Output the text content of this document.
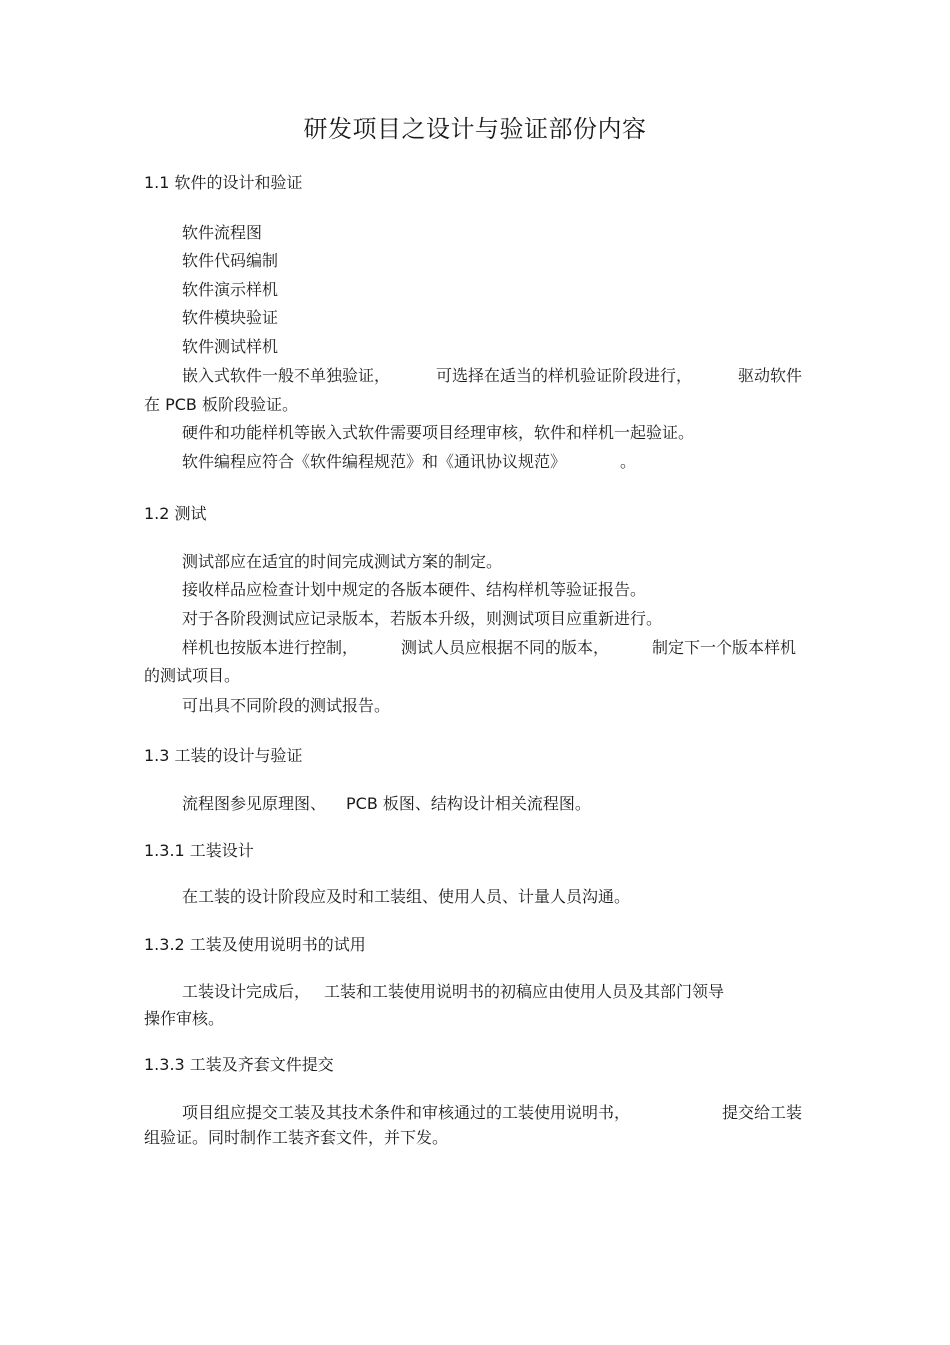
研发项目之设计与验证部份内容
1.1 软件的设计和验证
软件流程图
软件代码编制
软件演示样机
软件模块验证
软件测试样机
嵌入式软件一般不单独验证，	可选择在适当的样机验证阶段进行，	驱动软件
在 PCB 板阶段验证。
硬件和功能样机等嵌入式软件需要项目经理审核，软件和样机一起验证。
软件编程应符合《软件编程规范》和《通讯协议规范》	。
1.2 测试
测试部应在适宜的时间完成测试方案的制定。
接收样品应检查计划中规定的各版本硬件、结构样机等验证报告。
对于各阶段测试应记录版本，若版本升级，则测试项目应重新进行。
样机也按版本进行控制，	测试人员应根据不同的版本，	制定下一个版本样机
的测试项目。
可出具不同阶段的测试报告。
1.3 工装的设计与验证
流程图参见原理图、 PCB 板图、结构设计相关流程图。
1.3.1 工装设计
在工装的设计阶段应及时和工装组、使用人员、计量人员沟通。
1.3.2 工装及使用说明书的试用
工装设计完成后， 工装和工装使用说明书的初稿应由使用人员及其部门领导
操作审核。
1.3.3 工装及齐套文件提交
项目组应提交工装及其技术条件和审核通过的工装使用说明书，	提交给工装
组验证。同时制作工装齐套文件，并下发。
